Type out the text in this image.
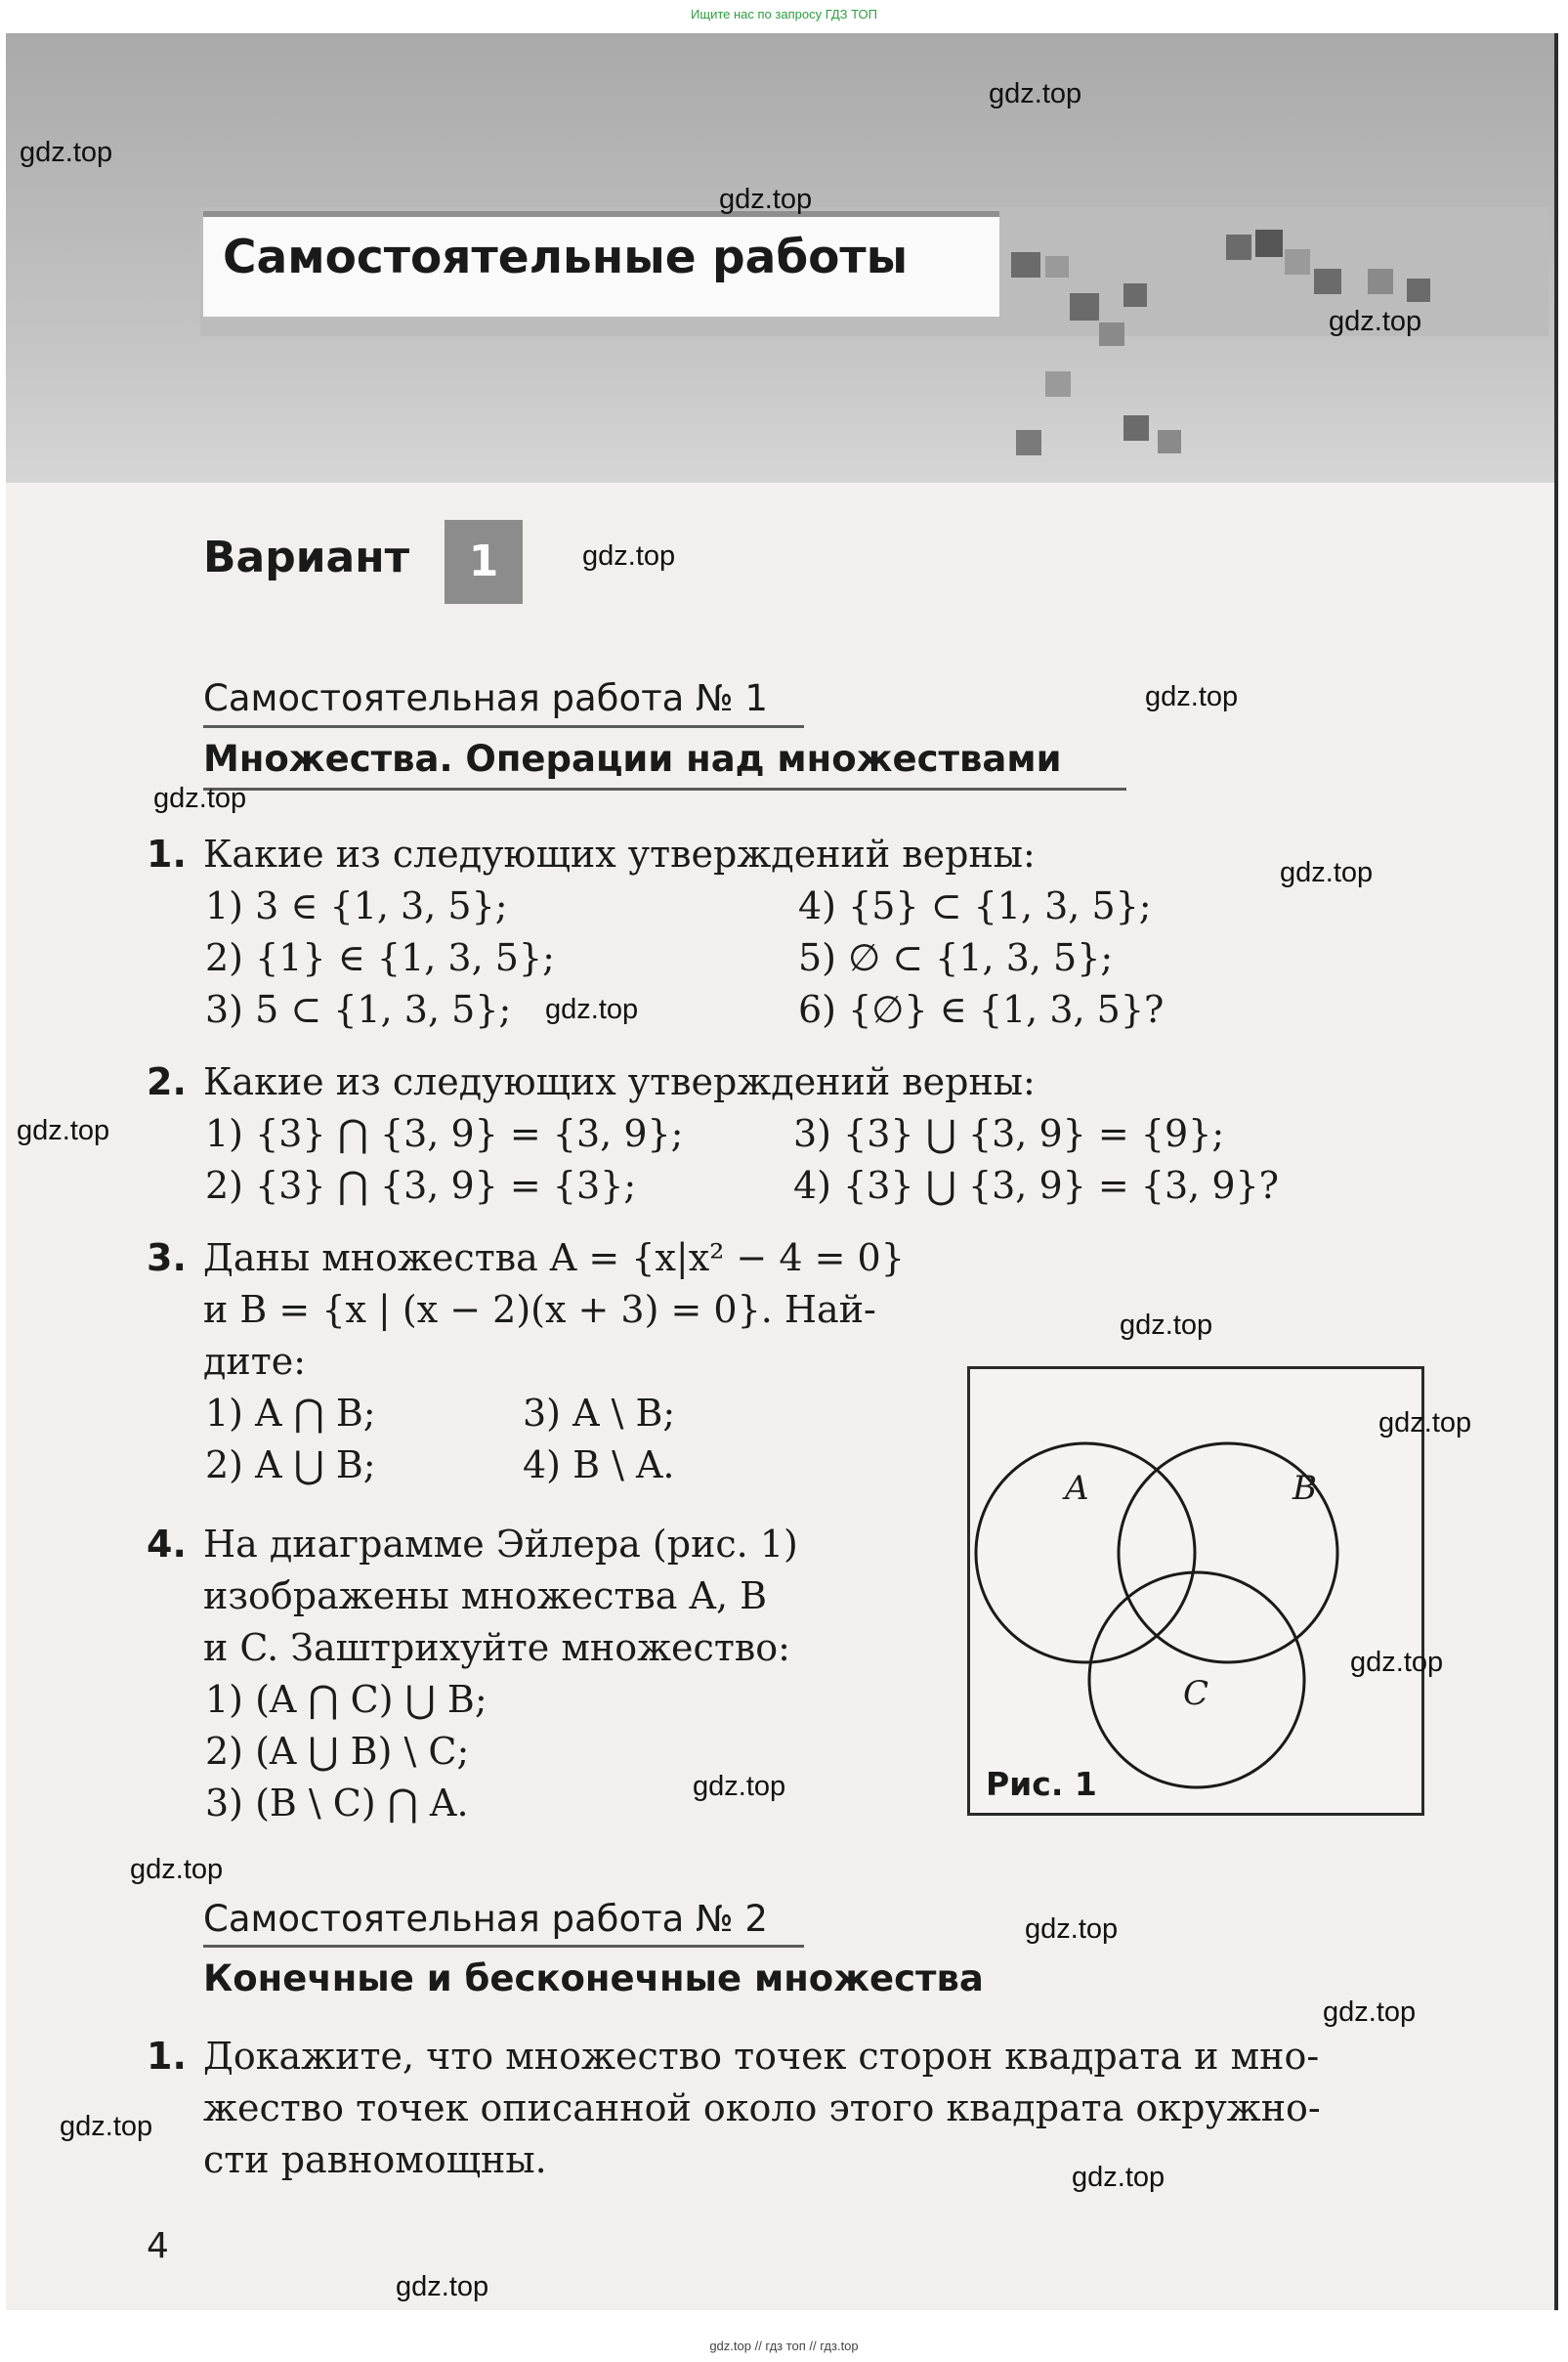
Ищите нас по запросу ГДЗ ТОП
Самостоятельные работы
Вариант	1
Самостоятельная работа № 1
Множества. Операции над множествами
1. Какие из следующих утверждений верны:
1) 3 ∈ {1, 3, 5};
2) {1} ∈ {1, 3, 5};
3) 5 ⊂ {1, 3, 5};
4) {5} ⊂ {1, 3, 5};
5) ∅ ⊂ {1, 3, 5};
6) {∅} ∈ {1, 3, 5}?
2. Какие из следующих утверждений верны:
1) {3} ⋂ {3, 9} = {3, 9};
2) {3} ⋂ {3, 9} = {3};
3) {3} ⋃ {3, 9} = {9};
4) {3} ⋃ {3, 9} = {3, 9}?
3. Даны множества A = {x|x² − 4 = 0}
и B = {x | (x − 2)(x + 3) = 0}. Най-
дите:
1) A ⋂ B;
2) A ⋃ B;
3) A \ B;
4) B \ A.
4. На диаграмме Эйлера (рис. 1)
изображены множества A, B
и C. Заштрихуйте множество:
1) (A ⋂ C) ⋃ B;
2) (A ⋃ B) \ C;
3) (B \ C) ⋂ A.
A	B
C
Рис. 1
Самостоятельная работа № 2
Конечные и бесконечные множества
1. Докажите, что множество точек сторон квадрата и мно-
жество точек описанной около этого квадрата окружно-
сти равномощны.
4
gdz.top
gdz.top
gdz.top
gdz.top
gdz.top
gdz.top
gdz.top
gdz.top
gdz.top
gdz.top
gdz.top
gdz.top
gdz.top
gdz.top
gdz.top
gdz.top
gdz.top
gdz.top
gdz.top
gdz.top
gdz.top // гдз топ // гдз.top
